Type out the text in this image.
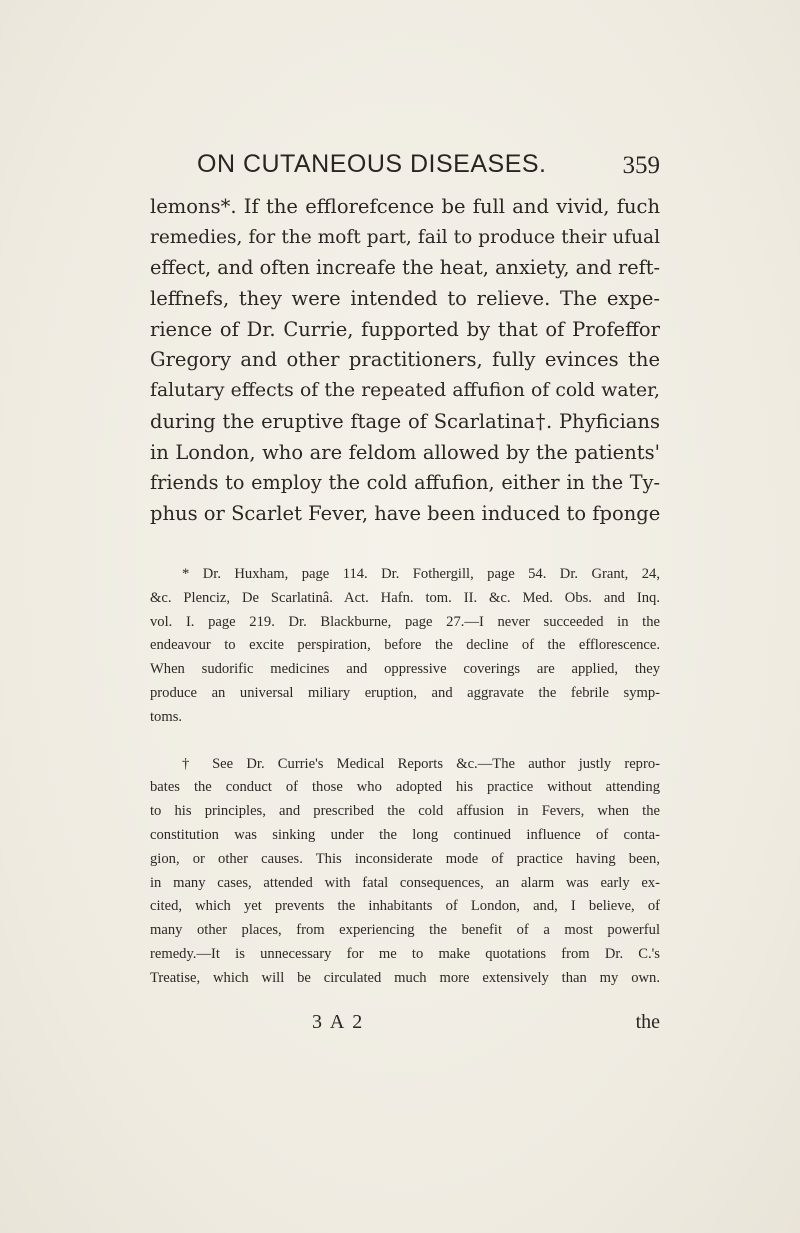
ON CUTANEOUS DISEASES.	359
lemons*. If the efflorefcence be full and vivid, fuch
remedies, for the moft part, fail to produce their ufual
effect, and often increafe the heat, anxiety, and reft-
leffnefs, they were intended to relieve. The expe-
rience of Dr. Currie, fupported by that of Profeffor
Gregory and other practitioners, fully evinces the
falutary effects of the repeated affufion of cold water,
during the eruptive ftage of Scarlatina†. Phyficians
in London, who are feldom allowed by the patients'
friends to employ the cold affufion, either in the Ty-
phus or Scarlet Fever, have been induced to fponge
* Dr. Huxham, page 114. Dr. Fothergill, page 54. Dr. Grant, 24,
&c. Plenciz, De Scarlatinâ. Act. Hafn. tom. II. &c. Med. Obs. and Inq.
vol. I. page 219. Dr. Blackburne, page 27.—I never succeeded in the
endeavour to excite perspiration, before the decline of the efflorescence.
When sudorific medicines and oppressive coverings are applied, they
produce an universal miliary eruption, and aggravate the febrile symp-
toms.
† See Dr. Currie's Medical Reports &c.—The author justly repro-
bates the conduct of those who adopted his practice without attending
to his principles, and prescribed the cold affusion in Fevers, when the
constitution was sinking under the long continued influence of conta-
gion, or other causes. This inconsiderate mode of practice having been,
in many cases, attended with fatal consequences, an alarm was early ex-
cited, which yet prevents the inhabitants of London, and, I believe, of
many other places, from experiencing the benefit of a most powerful
remedy.—It is unnecessary for me to make quotations from Dr. C.'s
Treatise, which will be circulated much more extensively than my own.
3 A 2	the
